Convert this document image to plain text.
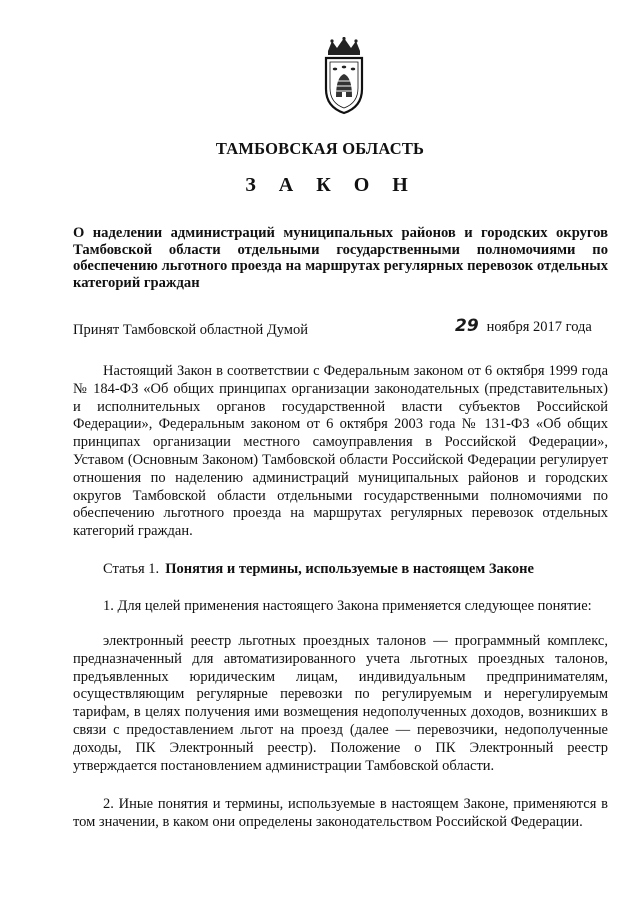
ТАМБОВСКАЯ ОБЛАСТЬ
З А К О Н
О наделении администраций муниципальных районов и городских округов Тамбовской области отдельными государственными полномочиями по обеспечению льготного проезда на маршрутах регулярных перевозок отдельных категорий граждан
Принят Тамбовской областной Думой	29 ноября 2017 года

Настоящий Закон в соответствии с Федеральным законом от 6 октября 1999 года № 184-ФЗ «Об общих принципах организации законодательных (представительных) и исполнительных органов государственной власти субъектов Российской Федерации», Федеральным законом от 6 октября 2003 года № 131-ФЗ «Об общих принципах организации местного самоуправления в Российской Федерации», Уставом (Основным Законом) Тамбовской области Российской Федерации регулирует отношения по наделению администраций муниципальных районов и городских округов Тамбовской области отдельными государственными полномочиями по обеспечению льготного проезда на маршрутах регулярных перевозок отдельных категорий граждан.

Статья 1. Понятия и термины, используемые в настоящем Законе

1. Для целей применения настоящего Закона применяется следующее понятие:

электронный реестр льготных проездных талонов — программный комплекс, предназначенный для автоматизированного учета льготных проездных талонов, предъявленных юридическим лицам, индивидуальным предпринимателям, осуществляющим регулярные перевозки по регулируемым и нерегулируемым тарифам, в целях получения ими возмещения недополученных доходов, возникших в связи с предоставлением льгот на проезд (далее — перевозчики, недополученные доходы, ПК Электронный реестр). Положение о ПК Электронный реестр утверждается постановлением администрации Тамбовской области.

2. Иные понятия и термины, используемые в настоящем Законе, применяются в том значении, в каком они определены законодательством Российской Федерации.
